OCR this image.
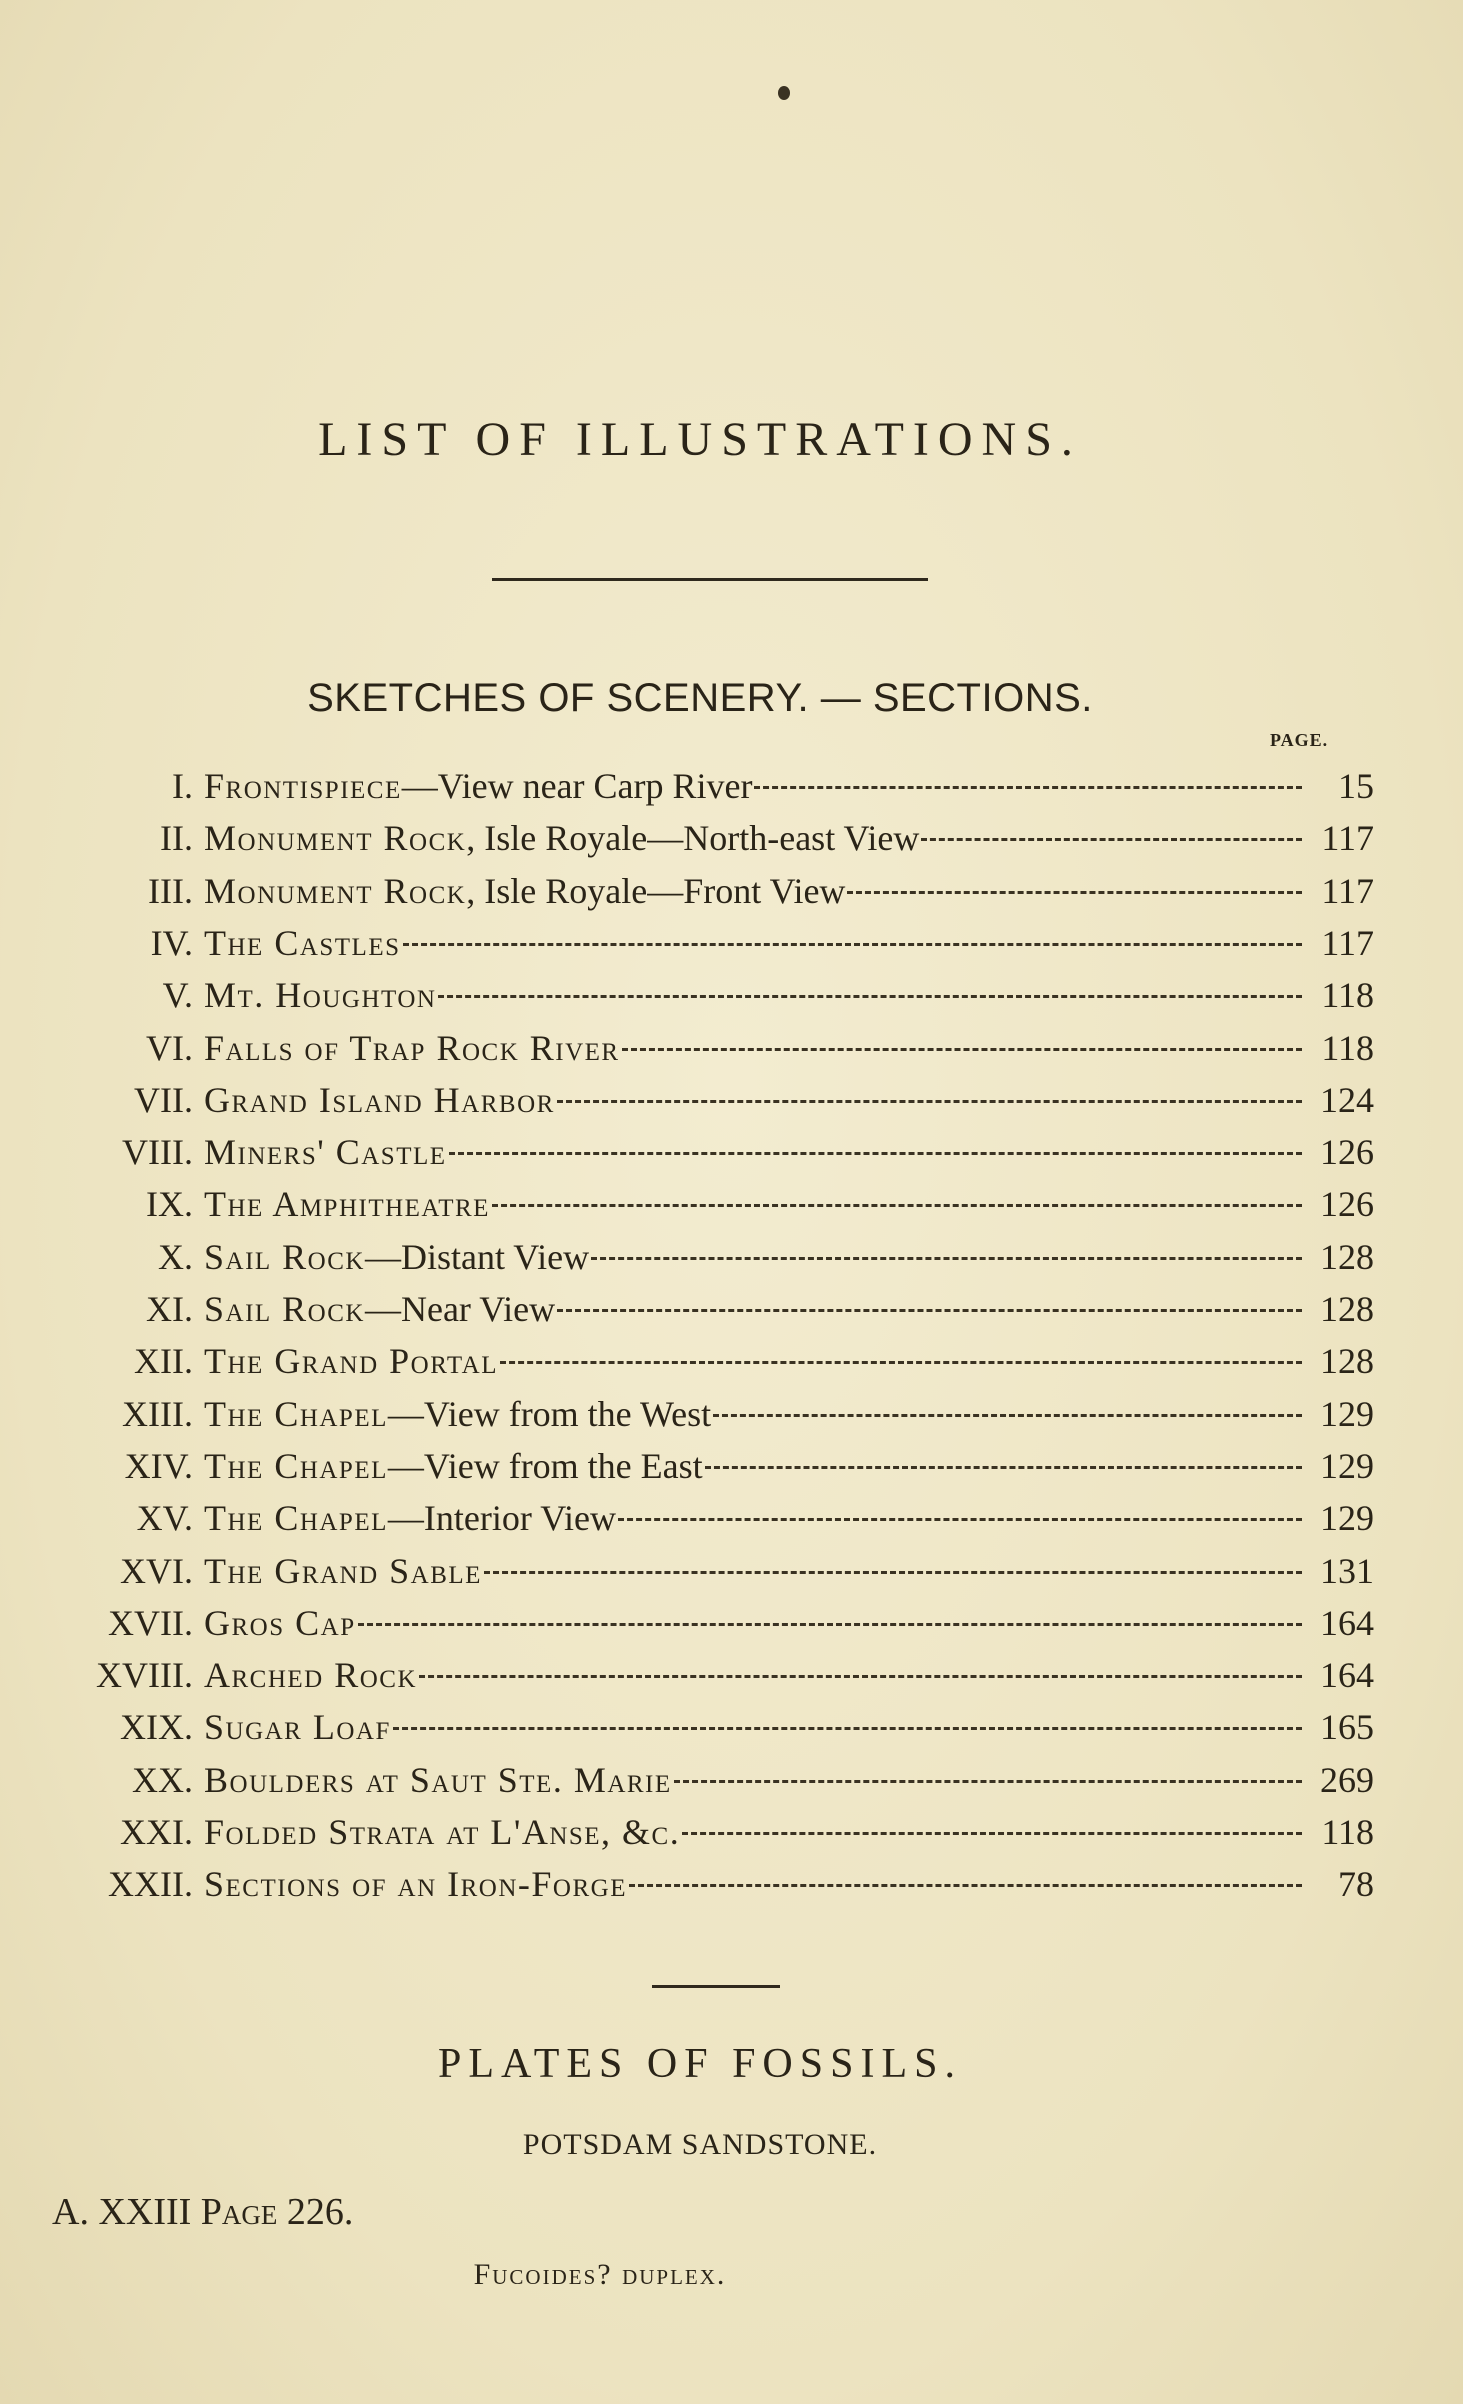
LIST OF ILLUSTRATIONS.
SKETCHES OF SCENERY. — SECTIONS.
PAGE.
I. Frontispiece —View near Carp River	15
II. Monument Rock , Isle Royale—North-east View	117
III. Monument Rock , Isle Royale—Front View	117
IV. The Castles	117
V. Mt. Houghton	118
VI. Falls of Trap Rock River	118
VII. Grand Island Harbor	124
VIII. Miners' Castle	126
IX. The Amphitheatre	126
X. Sail Rock —Distant View	128
XI. Sail Rock —Near View	128
XII. The Grand Portal	128
XIII. The Chapel —View from the West	129
XIV. The Chapel —View from the East	129
XV. The Chapel —Interior View	129
XVI. The Grand Sable	131
XVII. Gros Cap	164
XVIII. Arched Rock	164
XIX. Sugar Loaf	165
XX. Boulders at Saut Ste. Marie	269
XXI. Folded Strata at L'Anse, &c.	118
XXII. Sections of an Iron-Forge	78
PLATES OF FOSSILS.
POTSDAM SANDSTONE.
A. XXIII Page 226.
Fucoides? duplex.
